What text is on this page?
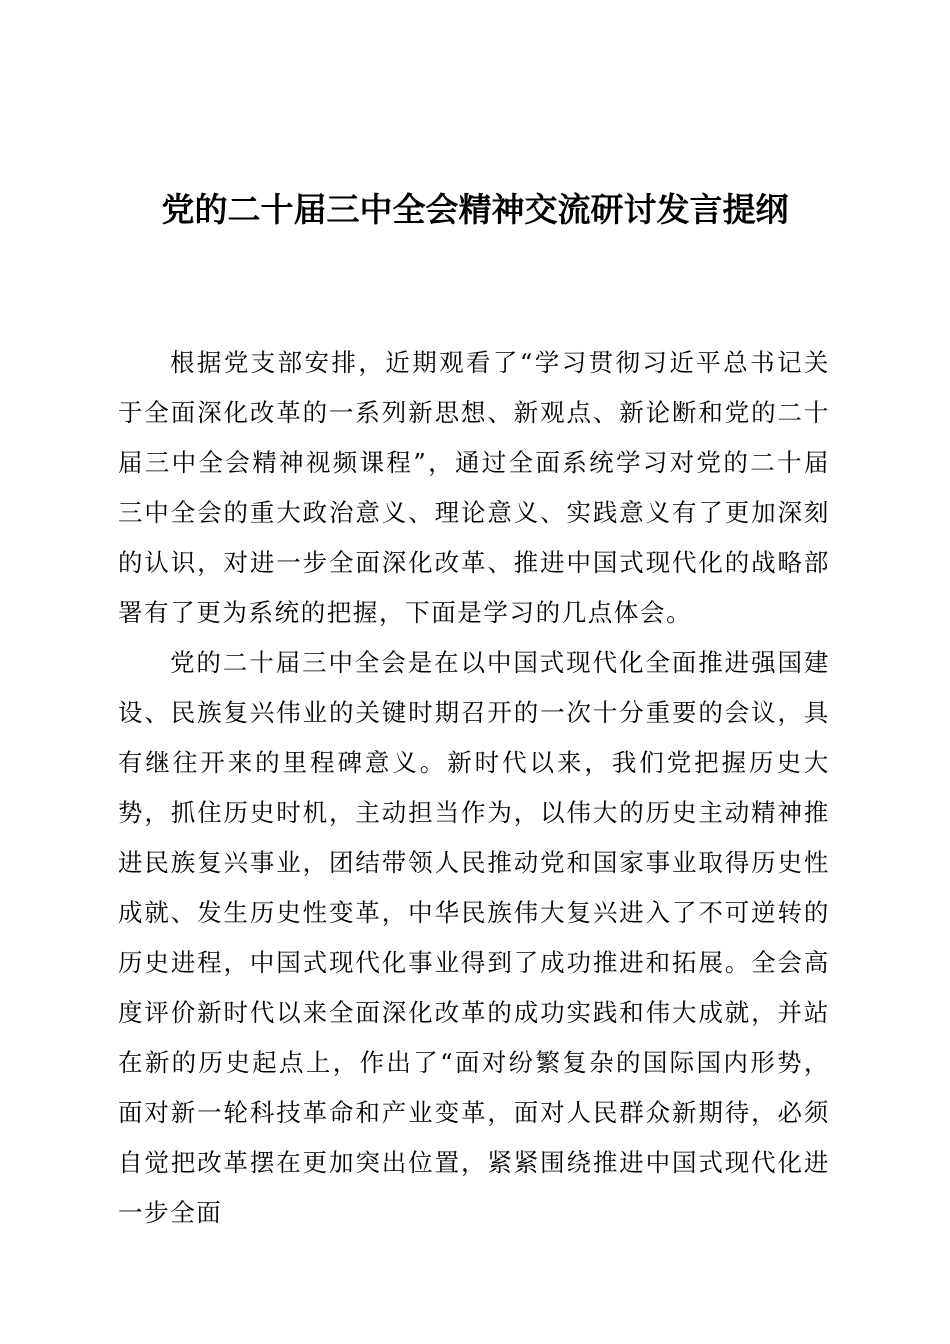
党的二十届三中全会精神交流研讨发言提纲

根据党支部安排，近期观看了“学习贯彻习近平总书记关于全面深化改革的一系列新思想、新观点、新论断和党的二十届三中全会精神视频课程”，通过全面系统学习对党的二十届三中全会的重大政治意义、理论意义、实践意义有了更加深刻的认识，对进一步全面深化改革、推进中国式现代化的战略部署有了更为系统的把握，下面是学习的几点体会。

党的二十届三中全会是在以中国式现代化全面推进强国建设、民族复兴伟业的关键时期召开的一次十分重要的会议，具有继往开来的里程碑意义。新时代以来，我们党把握历史大势，抓住历史时机，主动担当作为，以伟大的历史主动精神推进民族复兴事业，团结带领人民推动党和国家事业取得历史性成就、发生历史性变革，中华民族伟大复兴进入了不可逆转的历史进程，中国式现代化事业得到了成功推进和拓展。全会高度评价新时代以来全面深化改革的成功实践和伟大成就，并站在新的历史起点上，作出了“面对纷繁复杂的国际国内形势，面对新一轮科技革命和产业变革，面对人民群众新期待，必须自觉把改革摆在更加突出位置，紧紧围绕推进中国式现代化进一步全面
